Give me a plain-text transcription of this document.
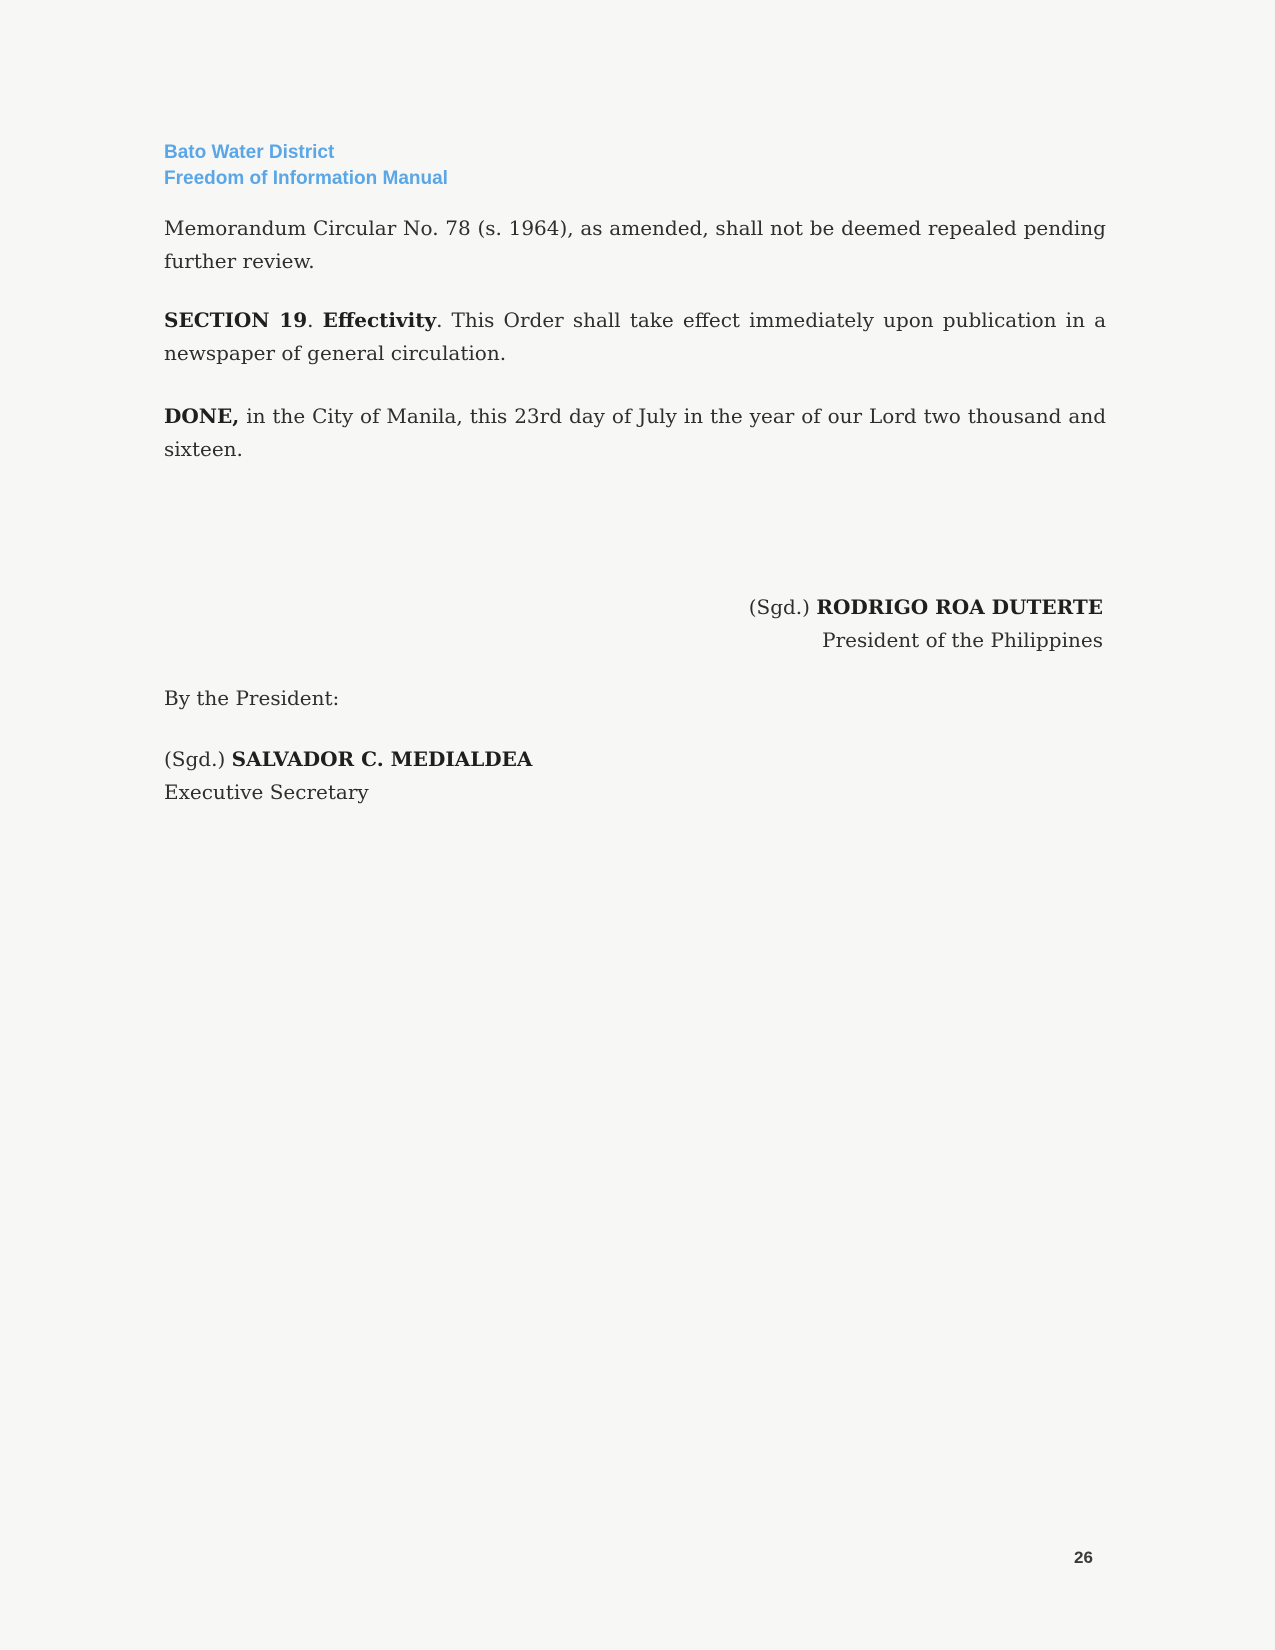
Bato Water District
Freedom of Information Manual
Memorandum Circular No. 78 (s. 1964), as amended, shall not be deemed repealed pending further review.
SECTION 19. Effectivity. This Order shall take effect immediately upon publication in a newspaper of general circulation.
DONE, in the City of Manila, this 23rd day of July in the year of our Lord two thousand and sixteen.
(Sgd.) RODRIGO ROA DUTERTE
President of the Philippines
By the President:
(Sgd.) SALVADOR C. MEDIALDEA
Executive Secretary
26
